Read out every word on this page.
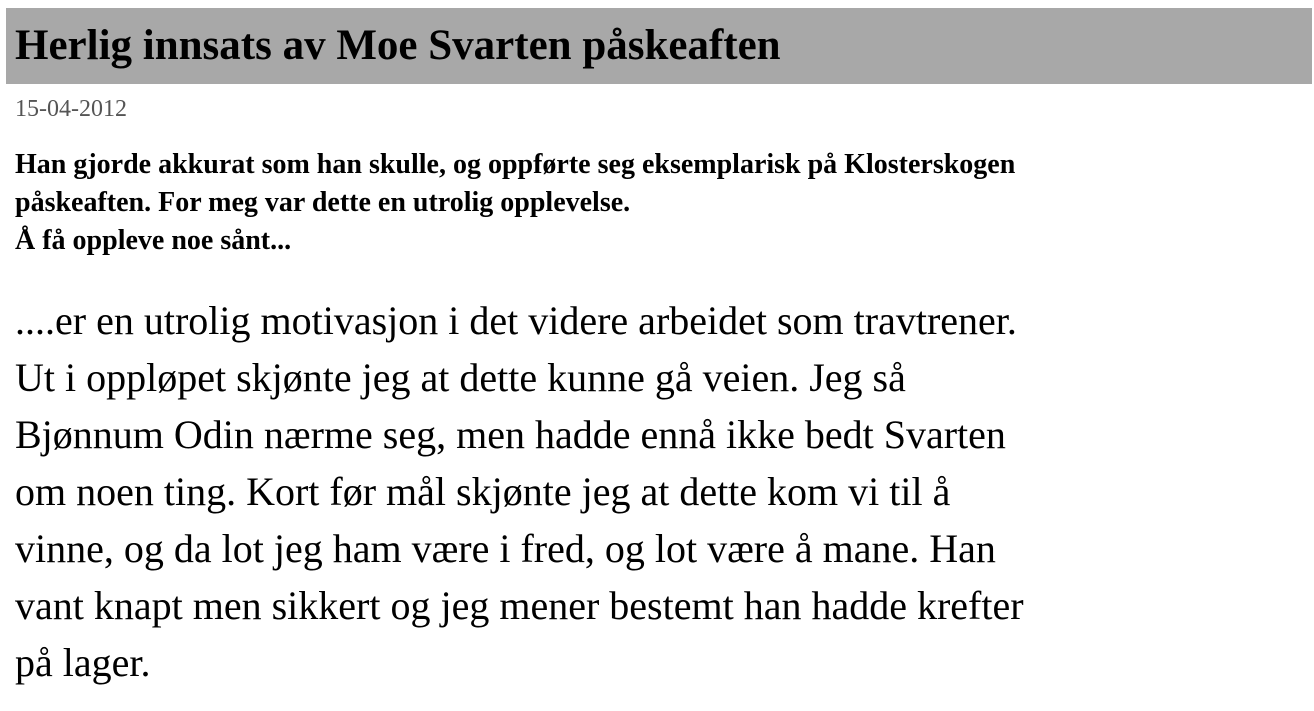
Herlig innsats av Moe Svarten påskeaften
15-04-2012

Han gjorde akkurat som han skulle, og oppførte seg eksemplarisk på Klosterskogen

påskeaften. For meg var dette en utrolig opplevelse.

Å få oppleve noe sånt...

....er en utrolig motivasjon i det videre arbeidet som travtrener.

Ut i oppløpet skjønte jeg at dette kunne gå veien. Jeg så

Bjønnum Odin nærme seg, men hadde ennå ikke bedt Svarten

om noen ting. Kort før mål skjønte jeg at dette kom vi til å

vinne, og da lot jeg ham være i fred, og lot være å mane. Han

vant knapt men sikkert og jeg mener bestemt han hadde krefter

på lager.
